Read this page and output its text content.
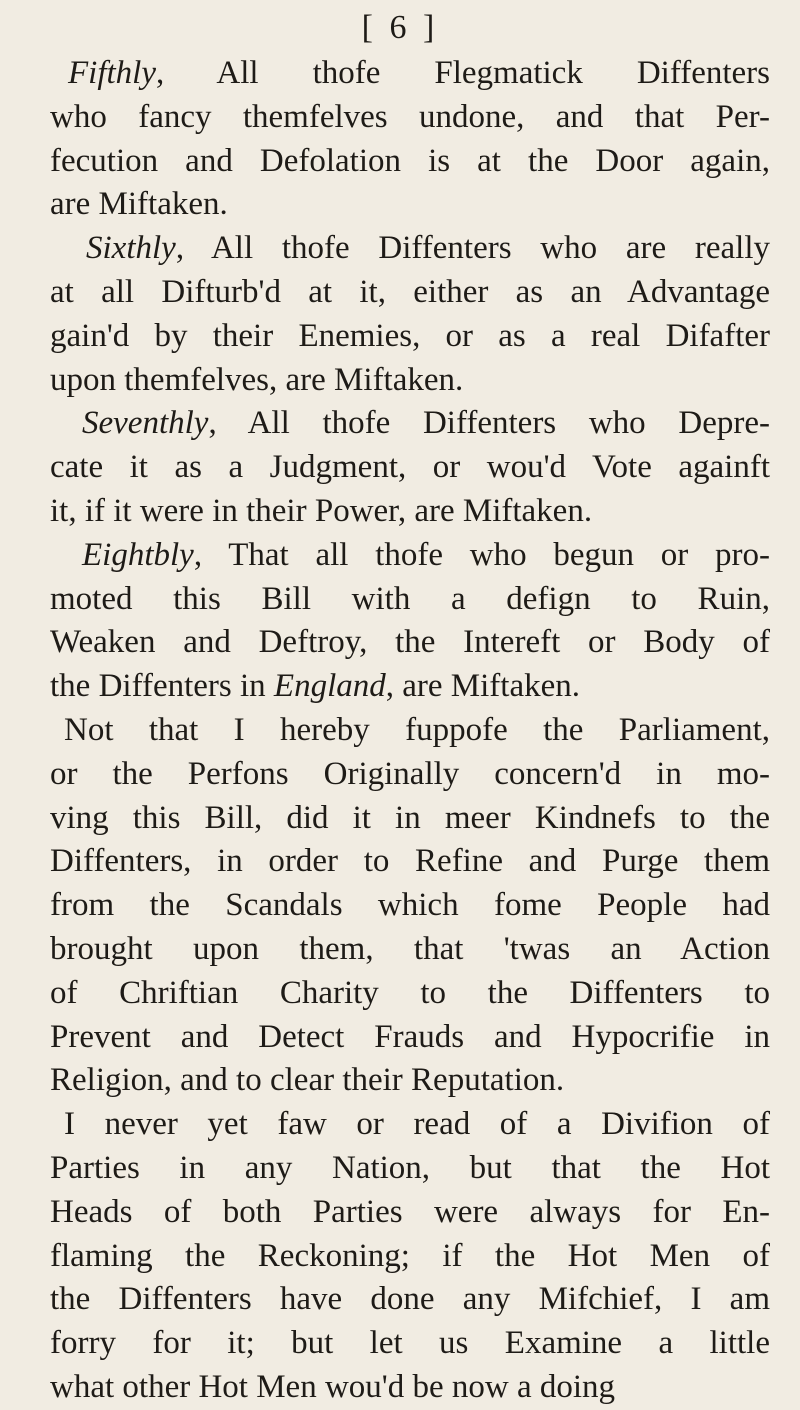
[ 6 ]
Fifthly, All thofe Flegmatick Diffenters
who fancy themfelves undone, and that Per-
fecution and Defolation is at the Door again,
are Miftaken.
Sixthly, All thofe Diffenters who are really
at all Difturb'd at it, either as an Advantage
gain'd by their Enemies, or as a real Difafter
upon themfelves, are Miftaken.
Seventhly, All thofe Diffenters who Depre-
cate it as a Judgment, or wou'd Vote againft
it, if it were in their Power, are Miftaken.
Eightbly, That all thofe who begun or pro-
moted this Bill with a defign to Ruin,
Weaken and Deftroy, the Intereft or Body of
the Diffenters in England, are Miftaken.
Not that I hereby fuppofe the Parliament,
or the Perfons Originally concern'd in mo-
ving this Bill, did it in meer Kindnefs to the
Diffenters, in order to Refine and Purge them
from the Scandals which fome People had
brought upon them, that 'twas an Action
of Chriftian Charity to the Diffenters to
Prevent and Detect Frauds and Hypocrifie in
Religion, and to clear their Reputation.
I never yet faw or read of a Divifion of
Parties in any Nation, but that the Hot
Heads of both Parties were always for En-
flaming the Reckoning; if the Hot Men of
the Diffenters have done any Mifchief, I am
forry for it; but let us Examine a little
what other Hot Men wou'd be now a doing
